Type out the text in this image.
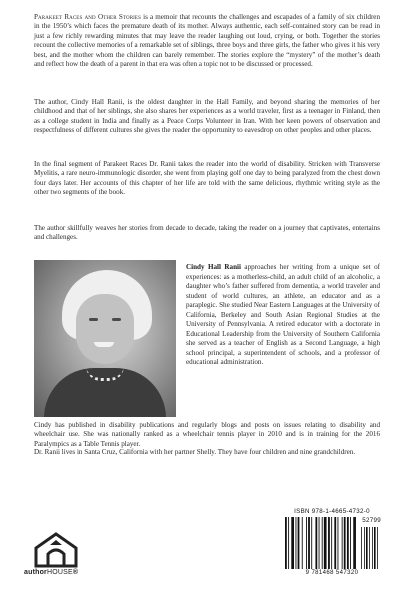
Parakeet Races and Other Stories is a memoir that recounts the challenges and escapades of a family of six children in the 1950’s which faces the premature death of its mother. Always authentic, each self-contained story can be read in just a few richly rewarding minutes that may leave the reader laughing out loud, crying, or both. Together the stories recount the collective memories of a remarkable set of siblings, three boys and three girls, the father who gives it his very best, and the mother whom the children can barely remember. The stories explore the “mystery” of the mother’s death and reflect how the death of a parent in that era was often a topic not to be discussed or processed.

The author, Cindy Hall Ranii, is the oldest daughter in the Hall Family, and beyond sharing the memories of her childhood and that of her siblings, she also shares her experiences as a world traveler, first as a teenager in Finland, then as a college student in India and finally as a Peace Corps Volunteer in Iran. With her keen powers of observation and respectfulness of different cultures she gives the reader the opportunity to eavesdrop on other peoples and other places.

In the final segment of Parakeet Races Dr. Ranii takes the reader into the world of disability. Stricken with Transverse Myelitis, a rare neuro-immunologic disorder, she went from playing golf one day to being paralyzed from the chest down four days later. Her accounts of this chapter of her life are told with the same delicious, rhythmic writing style as the other two segments of the book.

The author skillfully weaves her stories from decade to decade, taking the reader on a journey that captivates, entertains and challenges.

Cindy Hall Ranii approaches her writing from a unique set of experiences: as a motherless-child, an adult child of an alcoholic, a daughter who’s father suffered from dementia, a world traveler and student of world cultures, an athlete, an educator and as a paraplegic. She studied Near Eastern Languages at the University of California, Berkeley and South Asian Regional Studies at the University of Pennsylvania. A retired educator with a doctorate in Educational Leadership from the University of Southern California she served as a teacher of English as a Second Language, a high school principal, a superintendent of schools, and a professor of educational administration.

Cindy has published in disability publications and regularly blogs and posts on issues relating to disability and wheelchair use. She was nationally ranked as a wheelchair tennis player in 2010 and is in training for the 2016 Paralympics as a Table Tennis player.

Dr. Ranii lives in Santa Cruz, California with her partner Shelly. They have four children and nine grandchildren.

authorHOUSE®
ISBN 978-1-4665-4732-0
52799
9 781468 547320
